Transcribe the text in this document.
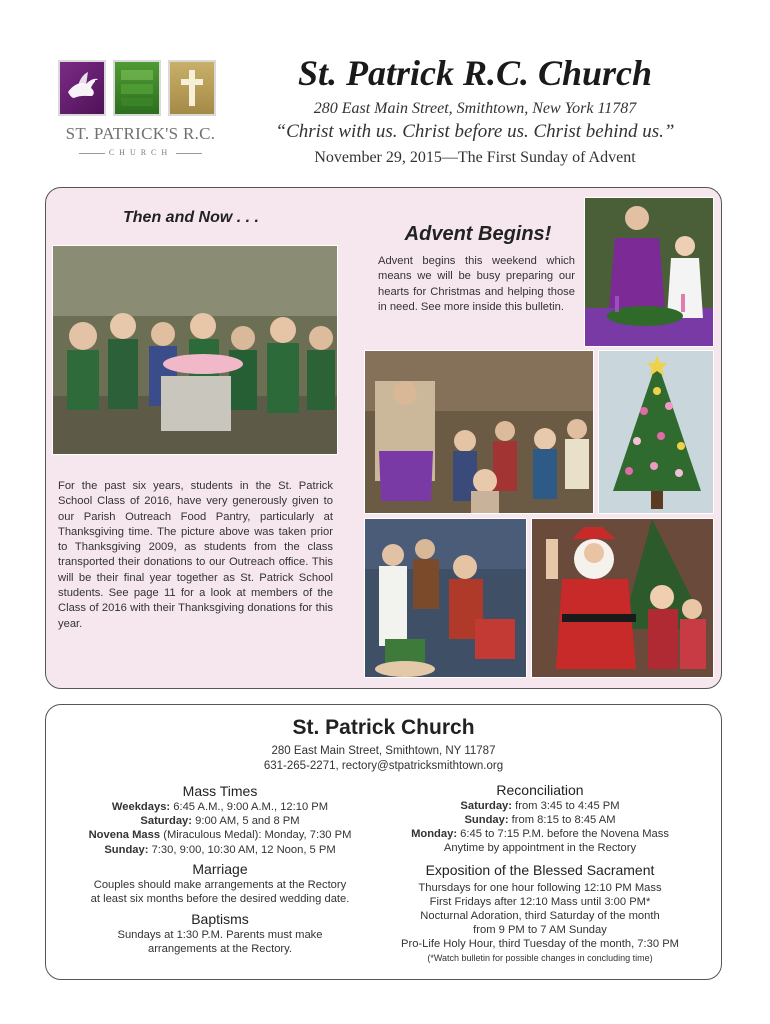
ST. PATRICK'S R.C.
CHURCH
St. Patrick R.C. Church
280 East Main Street, Smithtown, New York 11787
“Christ with us. Christ before us. Christ behind us.”
November 29, 2015—The First Sunday of Advent
Then and Now . . .
For the past six years, students in the St. Patrick School Class of 2016, have very generously given to our Parish Outreach Food Pantry, particularly at Thanksgiving time. The picture above was taken prior to Thanksgiving 2009, as students from the class transported their donations to our Outreach office. This will be their final year together as St. Patrick School students. See page 11 for a look at members of the Class of 2016 with their Thanksgiving donations for this year.
Advent Begins!
Advent begins this weekend which means we will be busy preparing our hearts for Christmas and helping those in need. See more inside this bulletin.
St. Patrick Church
280 East Main Street, Smithtown, NY 11787
631-265-2271, rectory@stpatricksmithtown.org
Mass Times
Weekdays: 6:45 A.M., 9:00 A.M., 12:10 PM
Saturday: 9:00 AM, 5 and 8 PM
Novena Mass (Miraculous Medal): Monday, 7:30 PM
Sunday: 7:30, 9:00, 10:30 AM, 12 Noon, 5 PM
Marriage
Couples should make arrangements at the Rectory
at least six months before the desired wedding date.
Baptisms
Sundays at 1:30 P.M. Parents must make
arrangements at the Rectory.
Reconciliation
Saturday: from 3:45 to 4:45 PM
Sunday: from 8:15 to 8:45 AM
Monday: 6:45 to 7:15 P.M. before the Novena Mass
Anytime by appointment in the Rectory
Exposition of the Blessed Sacrament
Thursdays for one hour following 12:10 PM Mass
First Fridays after 12:10 Mass until 3:00 PM*
Nocturnal Adoration, third Saturday of the month
from 9 PM to 7 AM Sunday
Pro-Life Holy Hour, third Tuesday of the month, 7:30 PM
(*Watch bulletin for possible changes in concluding time)
